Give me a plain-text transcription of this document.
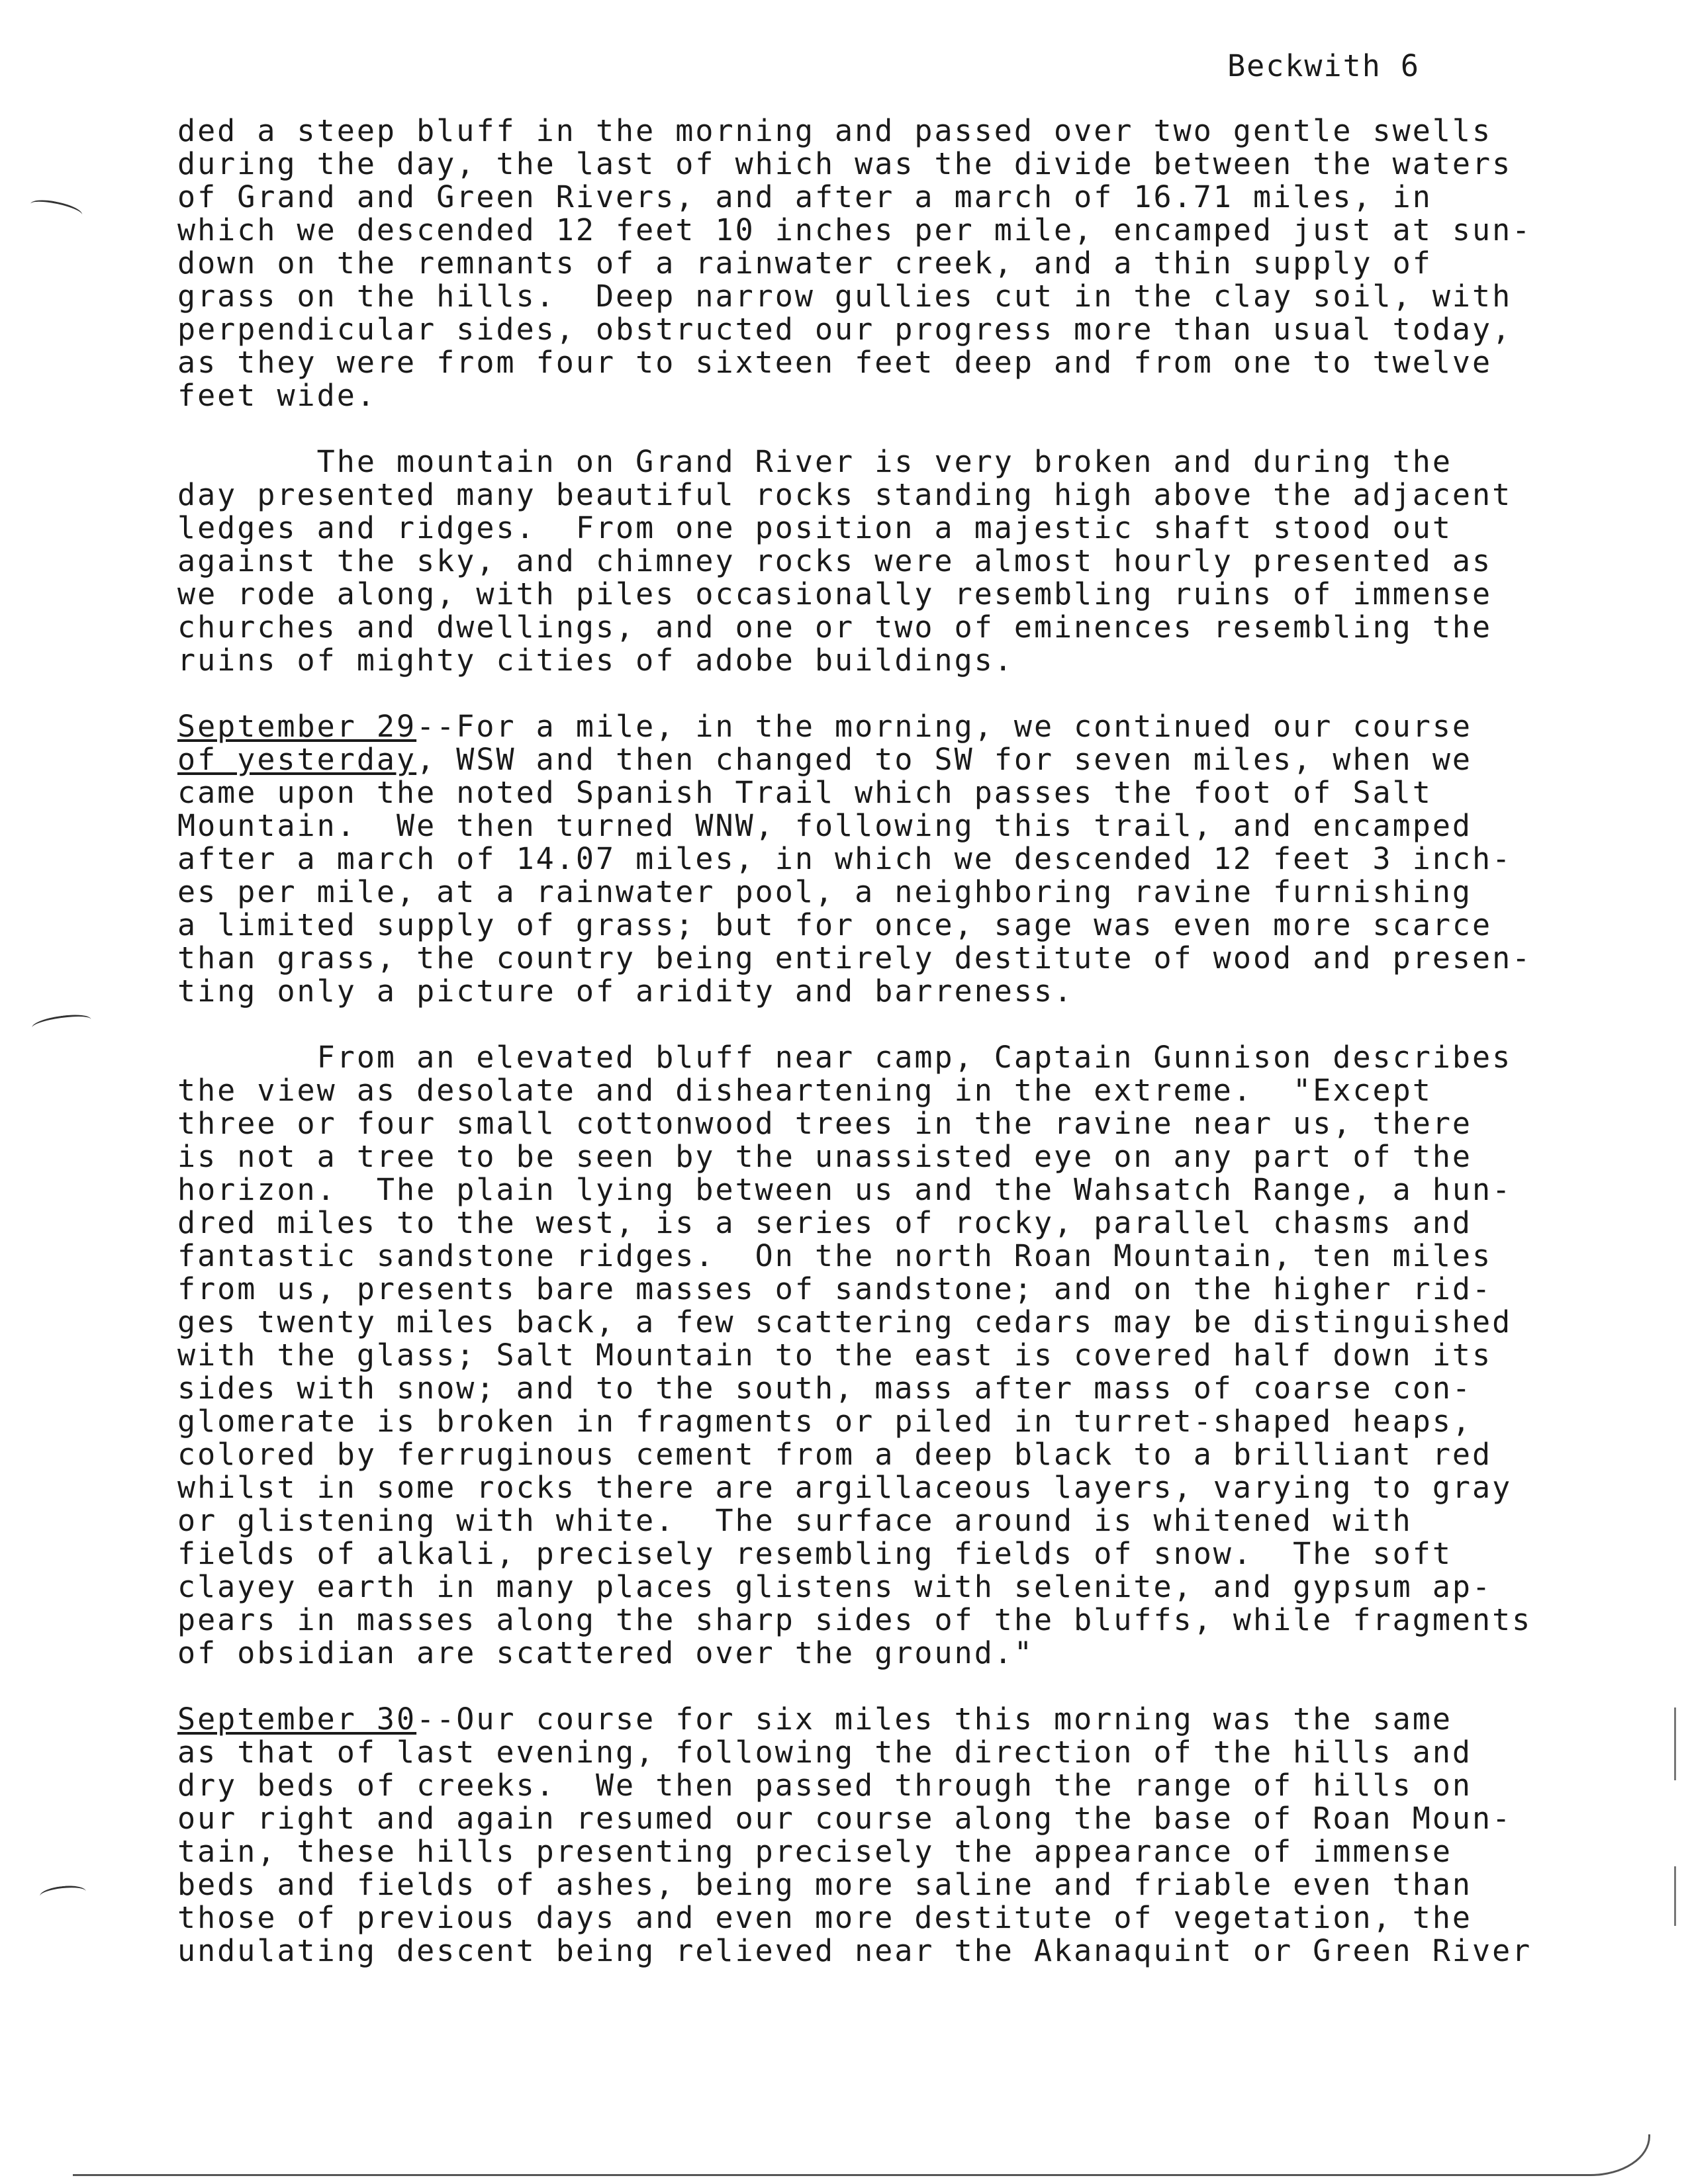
Beckwith 6
ded a steep bluff in the morning and passed over two gentle swells
during the day, the last of which was the divide between the waters
of Grand and Green Rivers, and after a march of 16.71 miles, in
which we descended 12 feet 10 inches per mile, encamped just at sun-
down on the remnants of a rainwater creek, and a thin supply of
grass on the hills.  Deep narrow gullies cut in the clay soil, with
perpendicular sides, obstructed our progress more than usual today,
as they were from four to sixteen feet deep and from one to twelve
feet wide.
The mountain on Grand River is very broken and during the
day presented many beautiful rocks standing high above the adjacent
ledges and ridges.  From one position a majestic shaft stood out
against the sky, and chimney rocks were almost hourly presented as
we rode along, with piles occasionally resembling ruins of immense
churches and dwellings, and one or two of eminences resembling the
ruins of mighty cities of adobe buildings.
September 29--For a mile, in the morning, we continued our course
of yesterday, WSW and then changed to SW for seven miles, when we
came upon the noted Spanish Trail which passes the foot of Salt
Mountain.  We then turned WNW, following this trail, and encamped
after a march of 14.07 miles, in which we descended 12 feet 3 inch-
es per mile, at a rainwater pool, a neighboring ravine furnishing
a limited supply of grass; but for once, sage was even more scarce
than grass, the country being entirely destitute of wood and presen-
ting only a picture of aridity and barreness.
From an elevated bluff near camp, Captain Gunnison describes
the view as desolate and disheartening in the extreme.  "Except
three or four small cottonwood trees in the ravine near us, there
is not a tree to be seen by the unassisted eye on any part of the
horizon.  The plain lying between us and the Wahsatch Range, a hun-
dred miles to the west, is a series of rocky, parallel chasms and
fantastic sandstone ridges.  On the north Roan Mountain, ten miles
from us, presents bare masses of sandstone; and on the higher rid-
ges twenty miles back, a few scattering cedars may be distinguished
with the glass; Salt Mountain to the east is covered half down its
sides with snow; and to the south, mass after mass of coarse con-
glomerate is broken in fragments or piled in turret-shaped heaps,
colored by ferruginous cement from a deep black to a brilliant red
whilst in some rocks there are argillaceous layers, varying to gray
or glistening with white.  The surface around is whitened with
fields of alkali, precisely resembling fields of snow.  The soft
clayey earth in many places glistens with selenite, and gypsum ap-
pears in masses along the sharp sides of the bluffs, while fragments
of obsidian are scattered over the ground."
September 30--Our course for six miles this morning was the same
as that of last evening, following the direction of the hills and
dry beds of creeks.  We then passed through the range of hills on
our right and again resumed our course along the base of Roan Moun-
tain, these hills presenting precisely the appearance of immense
beds and fields of ashes, being more saline and friable even than
those of previous days and even more destitute of vegetation, the
undulating descent being relieved near the Akanaquint or Green River
